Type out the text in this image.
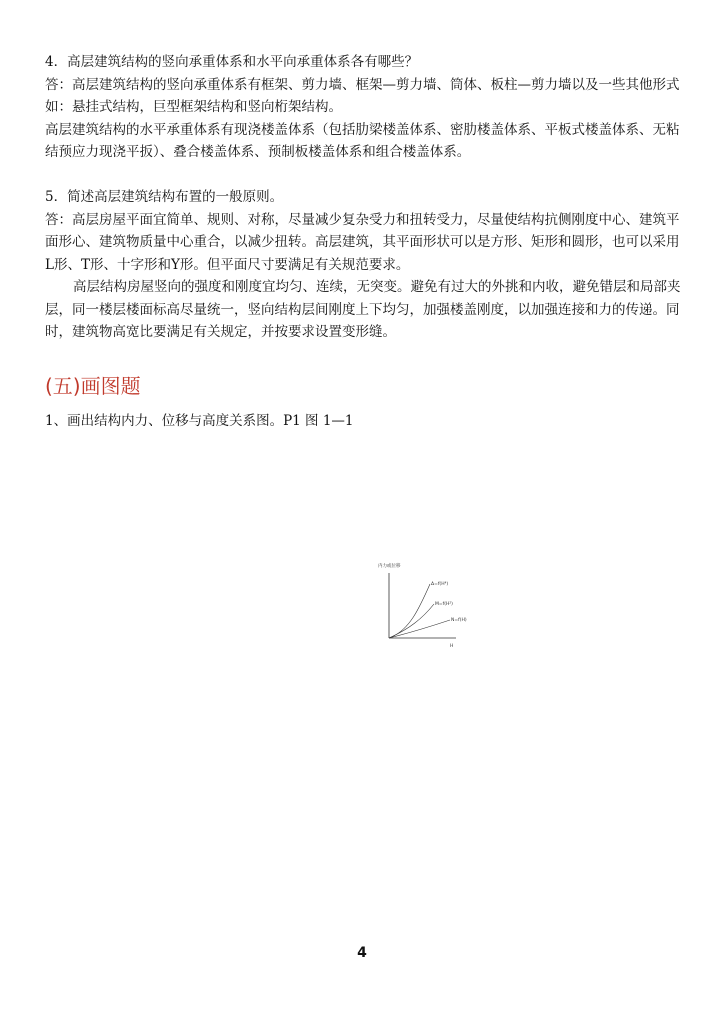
4．高层建筑结构的竖向承重体系和水平向承重体系各有哪些？

答：高层建筑结构的竖向承重体系有框架、剪力墙、框架—剪力墙、筒体、板柱—剪力墙以及一些其他形式如：悬挂式结构，巨型框架结构和竖向桁架结构。

高层建筑结构的水平承重体系有现浇楼盖体系（包括肋梁楼盖体系、密肋楼盖体系、平板式楼盖体系、无粘结预应力现浇平扳）、叠合楼盖体系、预制板楼盖体系和组合楼盖体系。

5．简述高层建筑结构布置的一般原则。

答：高层房屋平面宜简单、规则、对称，尽量减少复杂受力和扭转受力，尽量使结构抗侧刚度中心、建筑平面形心、建筑物质量中心重合，以减少扭转。高层建筑，其平面形状可以是方形、矩形和圆形，也可以采用L形、T形、十字形和Y形。但平面尺寸要满足有关规范要求。

高层结构房屋竖向的强度和刚度宜均匀、连续，无突变。避免有过大的外挑和内收，避免错层和局部夹层，同一楼层楼面标高尽量统一，竖向结构层间刚度上下均匀，加强楼盖刚度，以加强连接和力的传递。同时，建筑物高宽比要满足有关规定，并按要求设置变形缝。

(五)画图题
1、画出结构内力、位移与高度关系图。P1 图 1—1
内力或位移
H
Δ=f(H⁴)
M=f(H²)
N=f(H)
4
